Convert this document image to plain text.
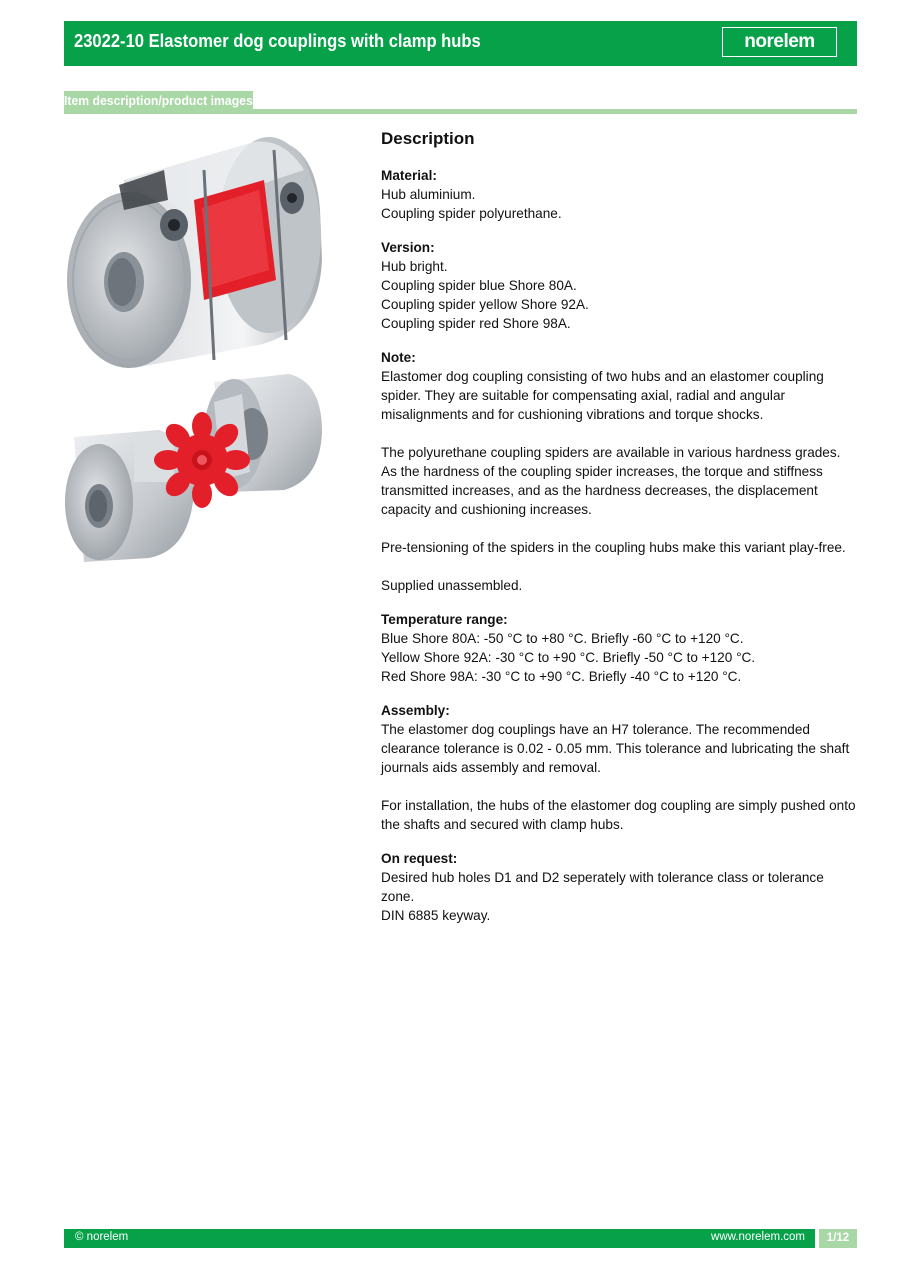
23022-10 Elastomer dog couplings with clamp hubs	norelem
Item description/product images
Description
Material:
Hub aluminium.
Coupling spider polyurethane.
Version:
Hub bright.
Coupling spider blue Shore 80A.
Coupling spider yellow Shore 92A.
Coupling spider red Shore 98A.
Note:
Elastomer dog coupling consisting of two hubs and an elastomer coupling spider. They are suitable for compensating axial, radial and angular misalignments and for cushioning vibrations and torque shocks.
The polyurethane coupling spiders are available in various hardness grades. As the hardness of the coupling spider increases, the torque and stiffness transmitted increases, and as the hardness decreases, the displacement capacity and cushioning increases.
Pre-tensioning of the spiders in the coupling hubs make this variant play-free.
Supplied unassembled.
Temperature range:
Blue Shore 80A: -50 °C to +80 °C. Briefly -60 °C to +120 °C.
Yellow Shore 92A: -30 °C to +90 °C. Briefly -50 °C to +120 °C.
Red Shore 98A: -30 °C to +90 °C. Briefly -40 °C to +120 °C.
Assembly:
The elastomer dog couplings have an H7 tolerance. The recommended clearance tolerance is 0.02 - 0.05 mm. This tolerance and lubricating the shaft journals aids assembly and removal.
For installation, the hubs of the elastomer dog coupling are simply pushed onto the shafts and secured with clamp hubs.
On request:
Desired hub holes D1 and D2 seperately with tolerance class or tolerance zone.
DIN 6885 keyway.
© norelem	www.norelem.com	1/12
